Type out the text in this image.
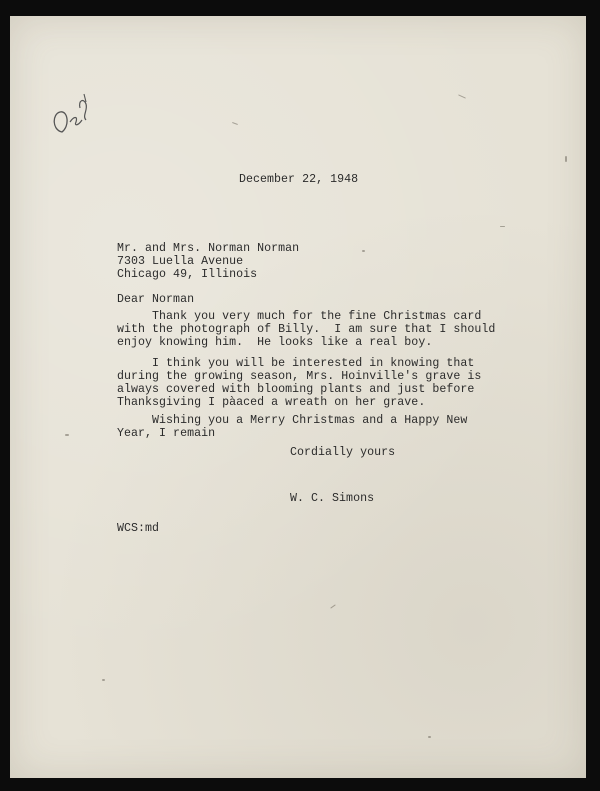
December 22, 1948
Mr. and Mrs. Norman Norman
7303 Luella Avenue
Chicago 49, Illinois
Dear Norman
Thank you very much for the fine Christmas card
with the photograph of Billy.  I am sure that I should
enjoy knowing him.  He looks like a real boy.
I think you will be interested in knowing that
during the growing season, Mrs. Hoinville's grave is
always covered with blooming plants and just before
Thanksgiving I pàaced a wreath on her grave.
Wishing you a Merry Christmas and a Happy New
Year, I remain
Cordially yours
W. C. Simons
WCS:md
